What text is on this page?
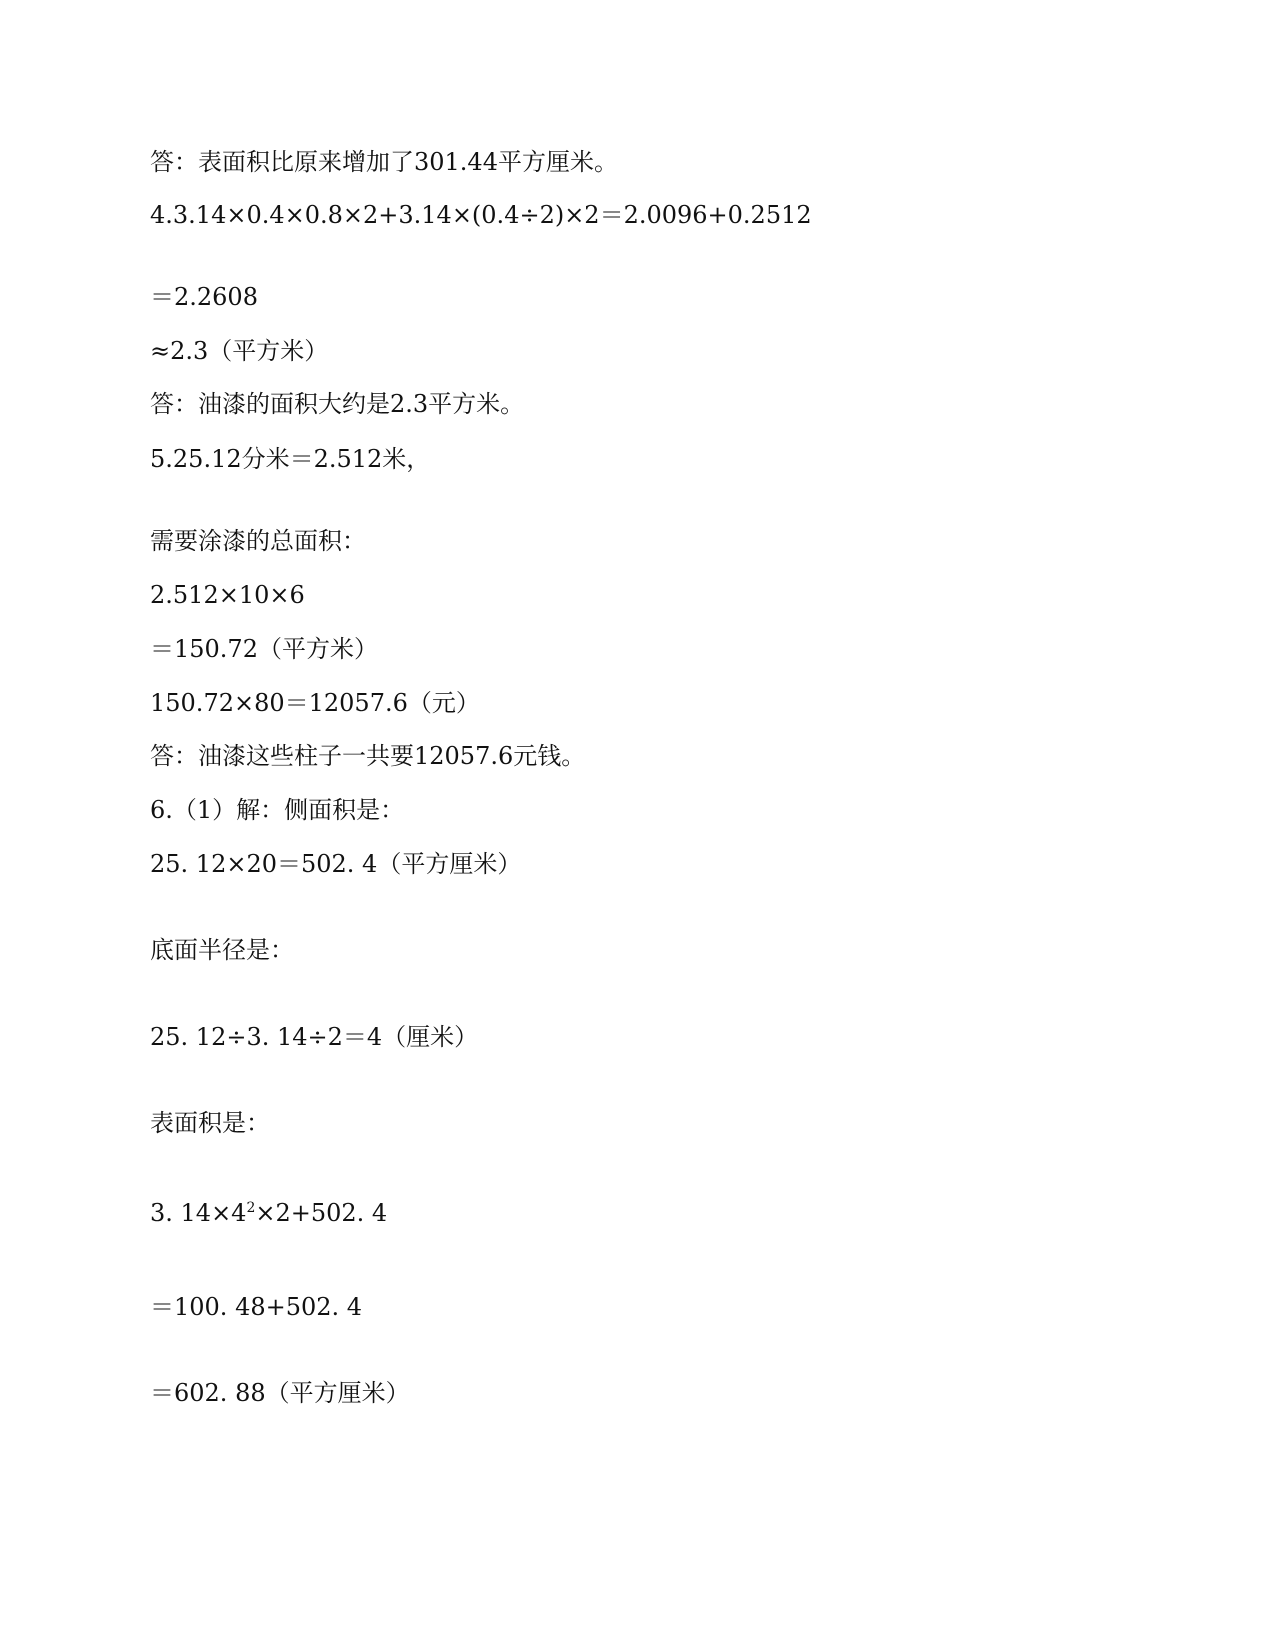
答：表面积比原来增加了301.44平方厘米。
4.3.14×0.4×0.8×2+3.14×(0.4÷2)×2＝2.0096+0.2512
＝2.2608
≈2.3（平方米）
答：油漆的面积大约是2.3平方米。
5.25.12分米＝2.512米，
需要涂漆的总面积：
2.512×10×6
＝150.72（平方米）
150.72×80＝12057.6（元）
答：油漆这些柱子一共要12057.6元钱。
6.（1）解：侧面积是：
25. 12×20＝502. 4（平方厘米）
底面半径是：
25. 12÷3. 14÷2＝4（厘米）
表面积是：
3. $14\times 4^2\times 2+502$. 4
＝100. 48+502. 4
＝602. 88（平方厘米）
